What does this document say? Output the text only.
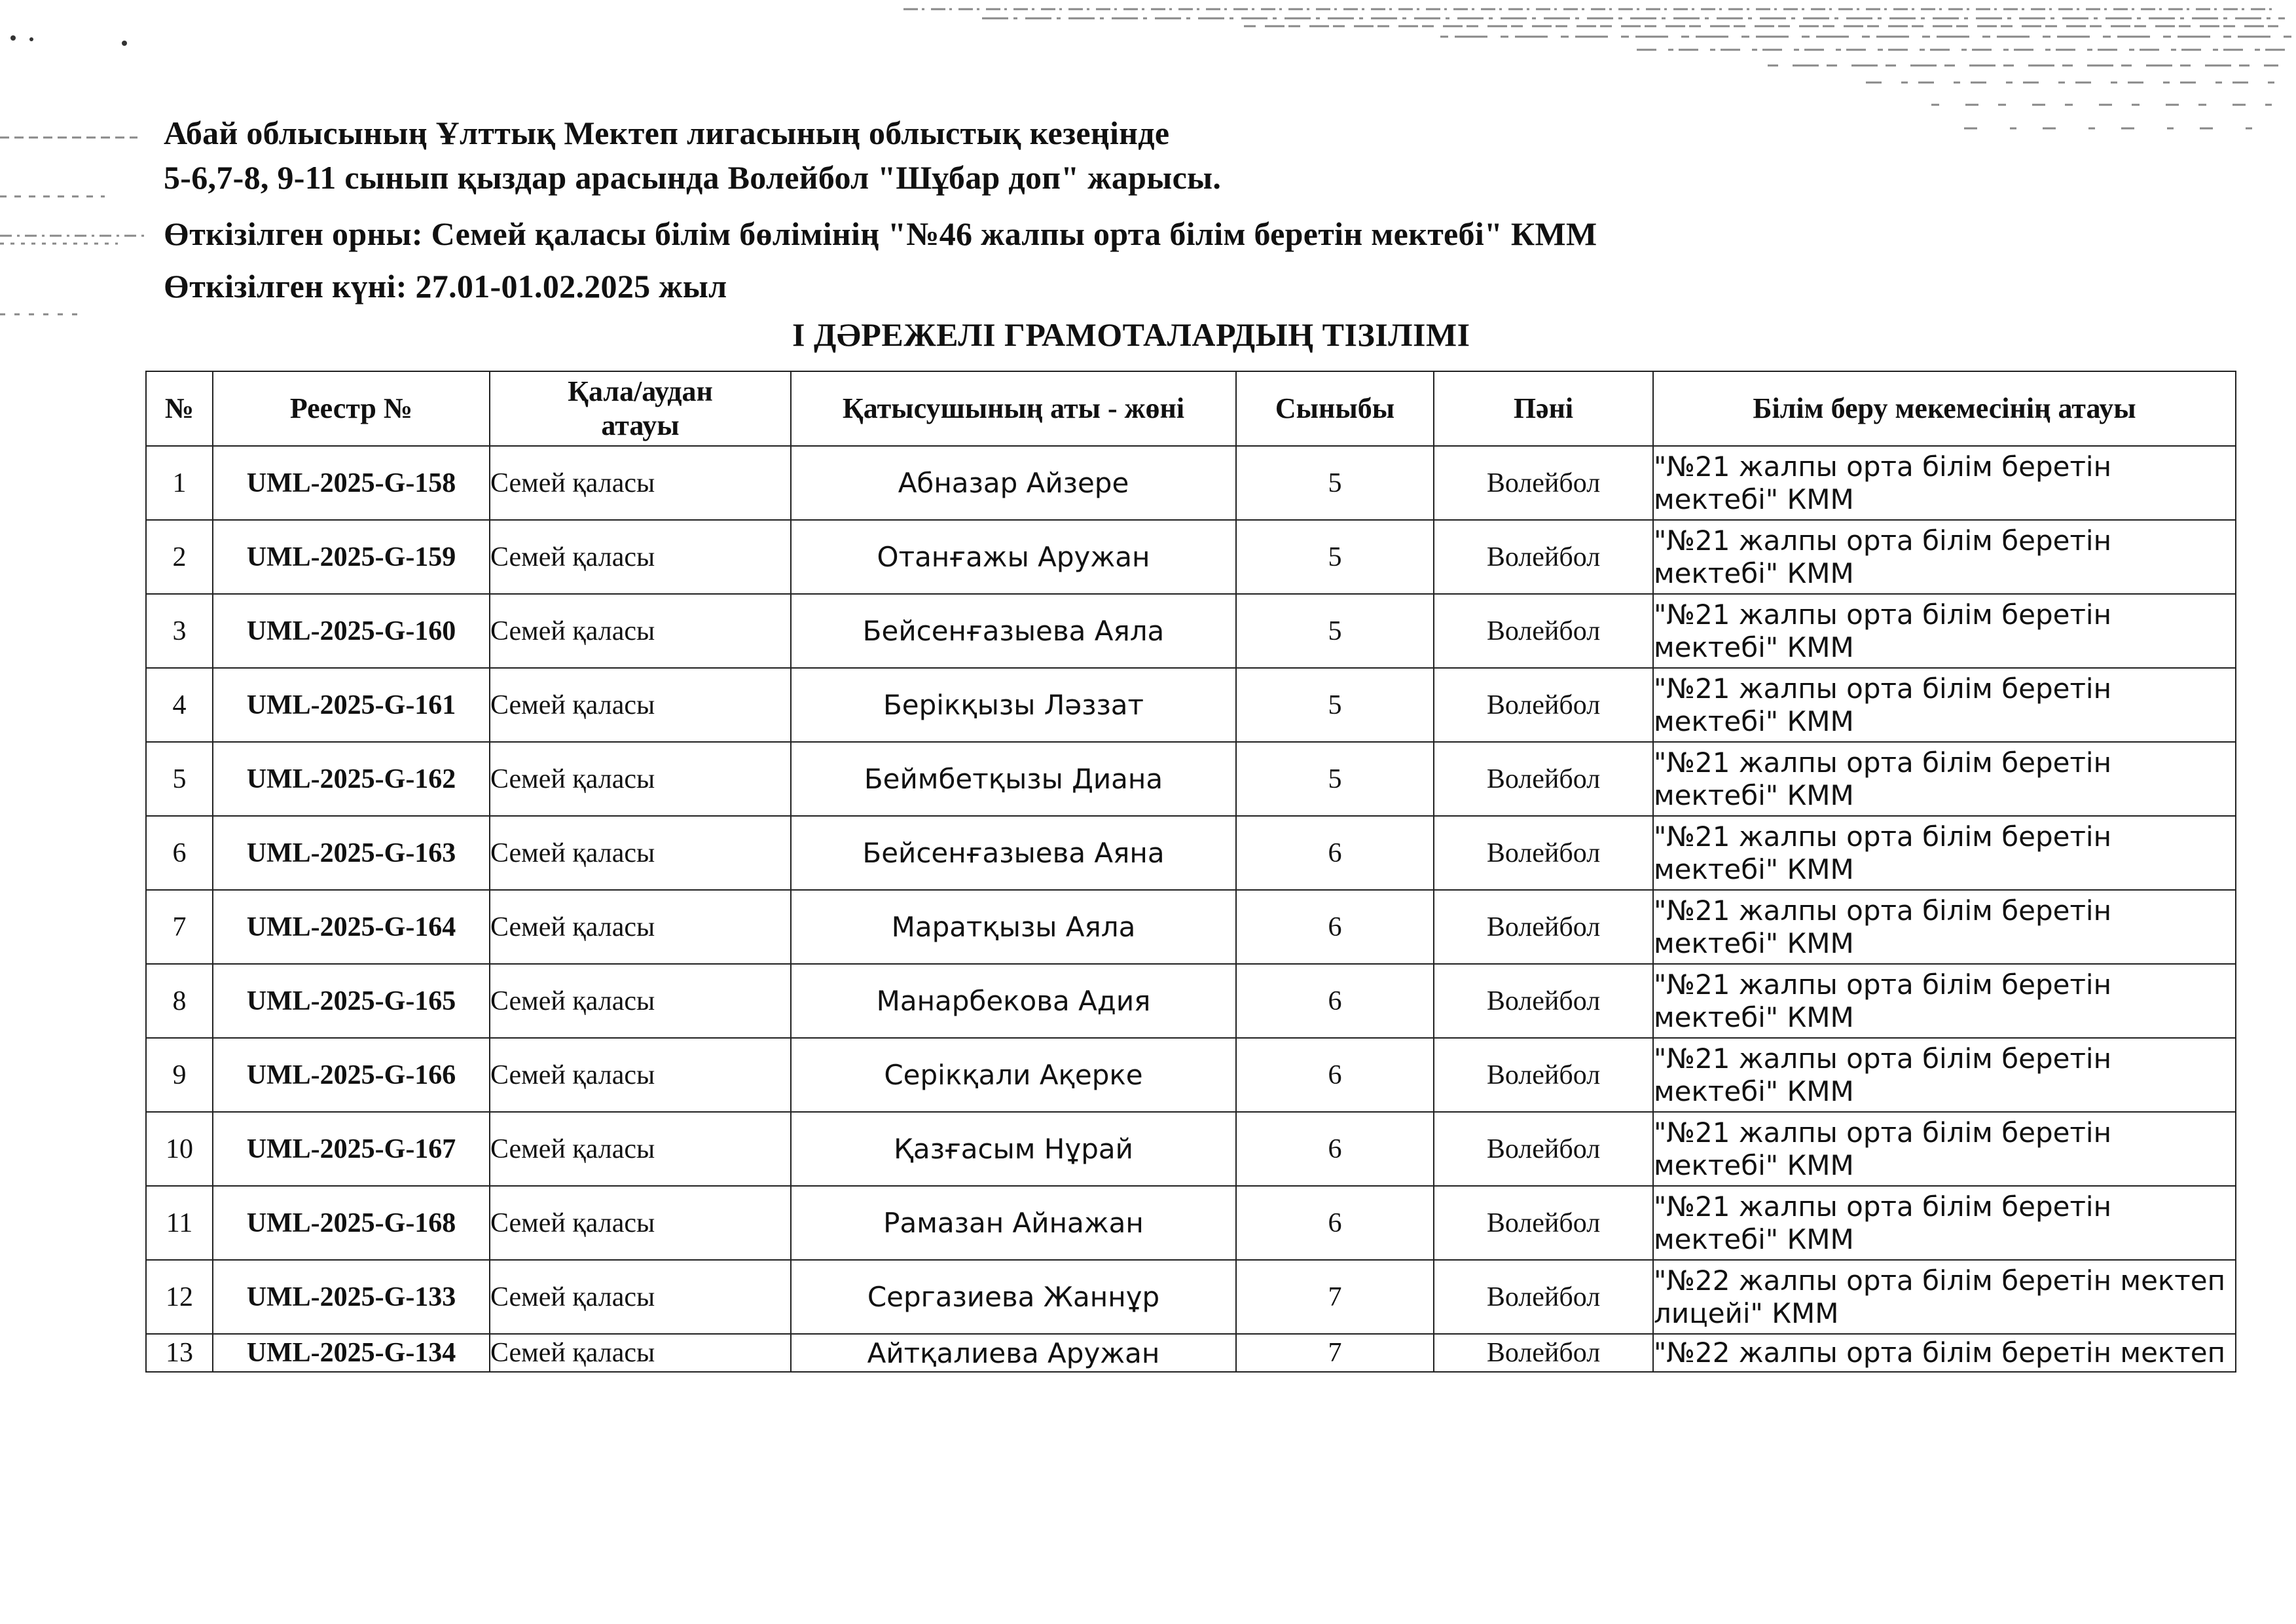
Абай облысының Ұлттық Мектеп лигасының облыстық кезеңінде
5-6,7-8, 9-11 сынып қыздар арасында Волейбол "Шұбар доп" жарысы.
Өткізілген орны: Семей қаласы білім бөлімінің "№46 жалпы орта білім беретін мектебі" КММ
Өткізілген күні: 27.01-01.02.2025 жыл
I ДӘРЕЖЕЛІ ГРАМОТАЛАРДЫҢ ТІЗІЛІМІ
№	Реестр №	Қала/аудан атауы	Қатысушының аты - жөні	Сыныбы	Пәні	Білім беру мекемесінің атауы
1	UML-2025-G-158	Семей қаласы	Абназар Айзере	5	Волейбол	"№21 жалпы орта білім беретін мектебі" КММ
2	UML-2025-G-159	Семей қаласы	Отанғажы Аружан	5	Волейбол	"№21 жалпы орта білім беретін мектебі" КММ
3	UML-2025-G-160	Семей қаласы	Бейсенғазыева Аяла	5	Волейбол	"№21 жалпы орта білім беретін мектебі" КММ
4	UML-2025-G-161	Семей қаласы	Берікқызы Ләззат	5	Волейбол	"№21 жалпы орта білім беретін мектебі" КММ
5	UML-2025-G-162	Семей қаласы	Беймбетқызы Диана	5	Волейбол	"№21 жалпы орта білім беретін мектебі" КММ
6	UML-2025-G-163	Семей қаласы	Бейсенғазыева Аяна	6	Волейбол	"№21 жалпы орта білім беретін мектебі" КММ
7	UML-2025-G-164	Семей қаласы	Маратқызы Аяла	6	Волейбол	"№21 жалпы орта білім беретін мектебі" КММ
8	UML-2025-G-165	Семей қаласы	Манарбекова Адия	6	Волейбол	"№21 жалпы орта білім беретін мектебі" КММ
9	UML-2025-G-166	Семей қаласы	Серікқали Ақерке	6	Волейбол	"№21 жалпы орта білім беретін мектебі" КММ
10	UML-2025-G-167	Семей қаласы	Қазғасым Нұрай	6	Волейбол	"№21 жалпы орта білім беретін мектебі" КММ
11	UML-2025-G-168	Семей қаласы	Рамазан Айнажан	6	Волейбол	"№21 жалпы орта білім беретін мектебі" КММ
12	UML-2025-G-133	Семей қаласы	Сергазиева Жаннұр	7	Волейбол	"№22 жалпы орта білім беретін мектеп лицейі" КММ
13	UML-2025-G-134	Семей қаласы	Айтқалиева Аружан	7	Волейбол	"№22 жалпы орта білім беретін мектеп
